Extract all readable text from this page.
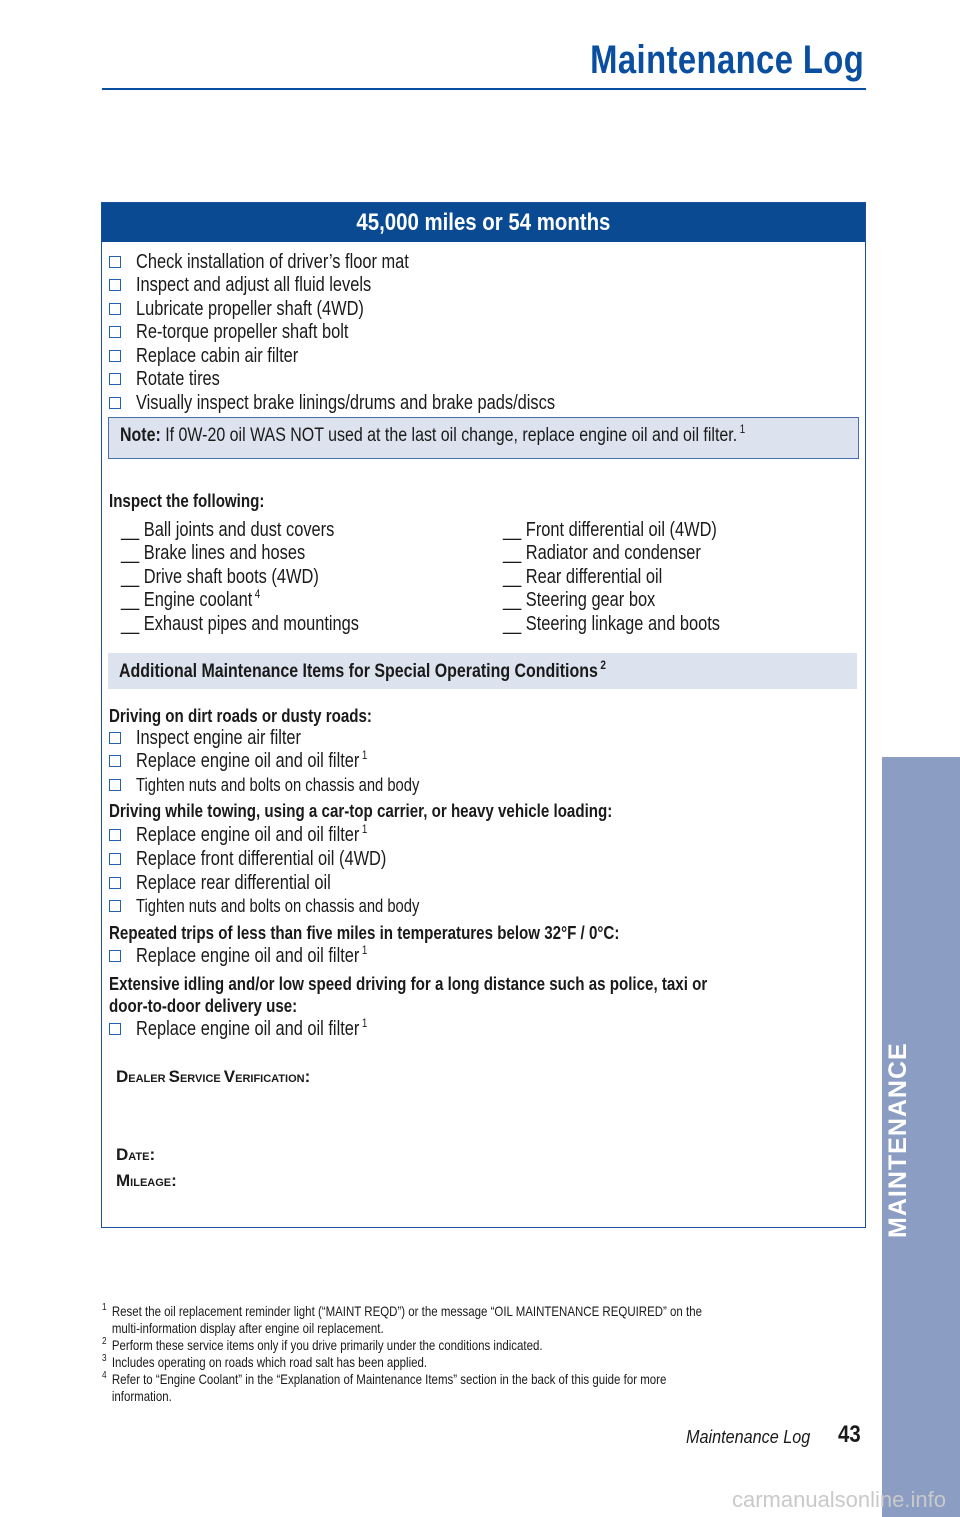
Maintenance Log
45,000 miles or 54 months
Check installation of driver’s floor mat
Inspect and adjust all fluid levels
Lubricate propeller shaft (4WD)
Re-torque propeller shaft bolt
Replace cabin air filter
Rotate tires
Visually inspect brake linings/drums and brake pads/discs
Note: If 0W-20 oil WAS NOT used at the last oil change, replace engine oil and oil filter. $^1$
Inspect the following:
__ Ball joints and dust covers
__ Brake lines and hoses
__ Drive shaft boots (4WD)
__ Engine coolant $^4$
__ Exhaust pipes and mountings
__ Front differential oil (4WD)
__ Radiator and condenser
__ Rear differential oil
__ Steering gear box
__ Steering linkage and boots
Additional Maintenance Items for Special Operating Conditions $^2$
Driving on dirt roads or dusty roads:
Inspect engine air filter
Replace engine oil and oil filter $^1$
Tighten nuts and bolts on chassis and body
Driving while towing, using a car-top carrier, or heavy vehicle loading:
Replace engine oil and oil filter $^1$
Replace front differential oil (4WD)
Replace rear differential oil
Tighten nuts and bolts on chassis and body
Repeated trips of less than five miles in temperatures below 32°F / 0°C:
Replace engine oil and oil filter $^1$
Extensive idling and/or low speed driving for a long distance such as police, taxi or
door-to-door delivery use:
Replace engine oil and oil filter $^1$
DEALER SERVICE VERIFICATION:
DATE:
MILEAGE:
1 Reset the oil replacement reminder light (“MAINT REQD”) or the message “OIL MAINTENANCE REQUIRED” on the
multi-information display after engine oil replacement.
2 Perform these service items only if you drive primarily under the conditions indicated.
3 Includes operating on roads which road salt has been applied.
4 Refer to “Engine Coolant” in the “Explanation of Maintenance Items” section in the back of this guide for more
information.
Maintenance Log 43
MAINTENANCE
carmanualsonline.info
